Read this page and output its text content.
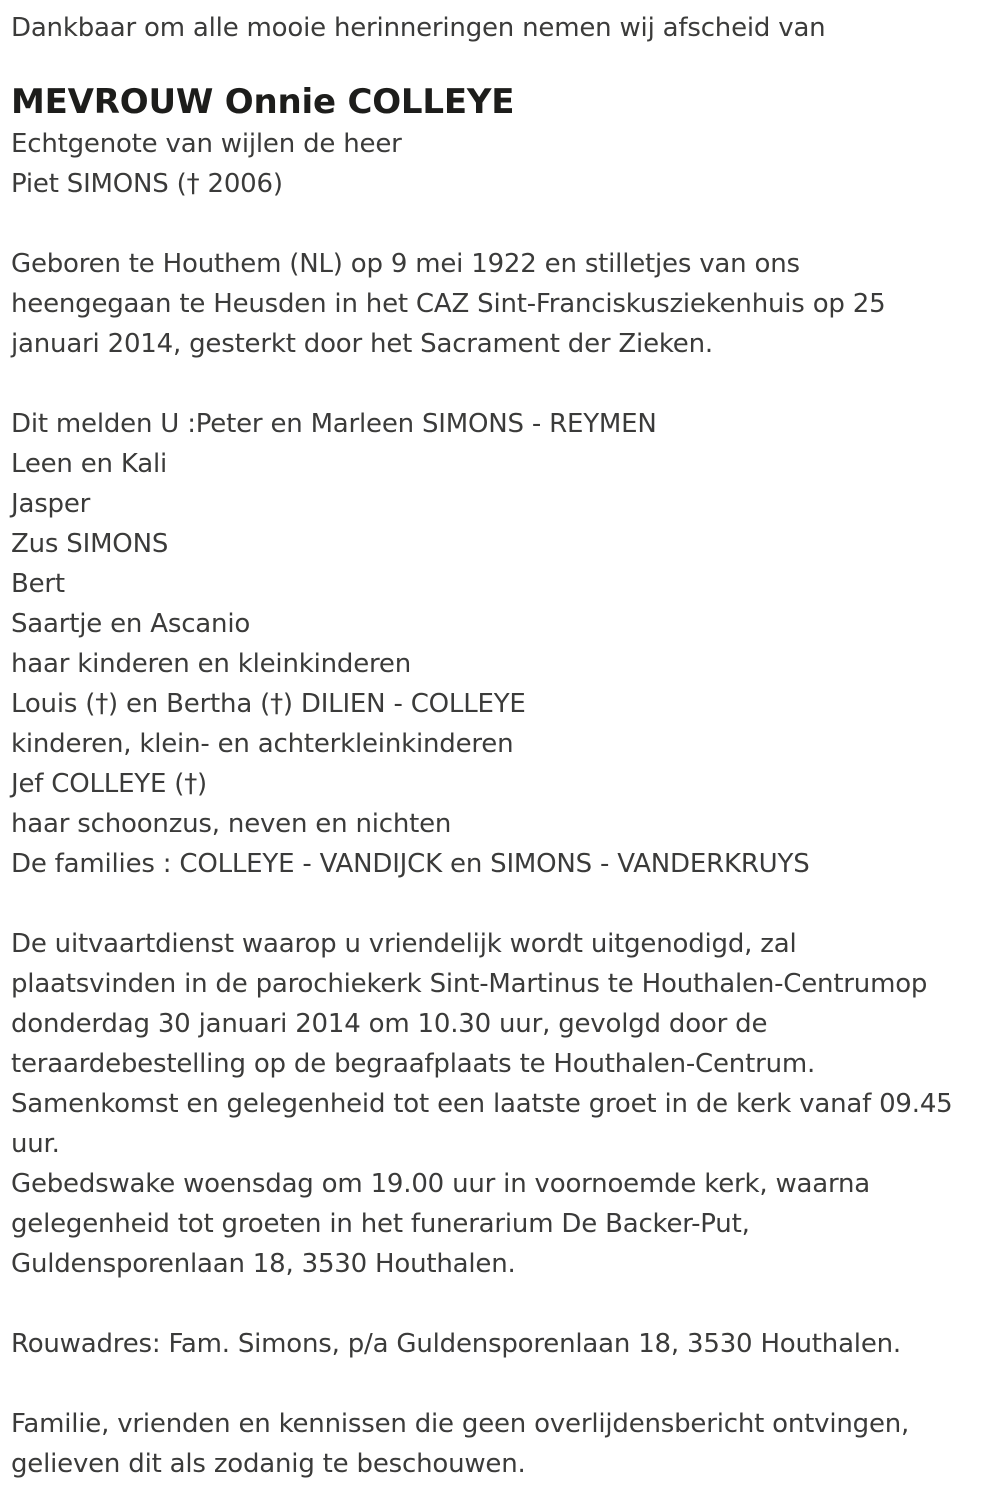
Dankbaar om alle mooie herinneringen nemen wij afscheid van
MEVROUW Onnie COLLEYE
Echtgenote van wijlen de heer
Piet SIMONS († 2006)
Geboren te Houthem (NL) op 9 mei 1922 en stilletjes van ons
heengegaan te Heusden in het CAZ Sint-Franciskusziekenhuis op 25
januari 2014, gesterkt door het Sacrament der Zieken.
Dit melden U :Peter en Marleen SIMONS - REYMEN
Leen en Kali
Jasper
Zus SIMONS
Bert
Saartje en Ascanio
haar kinderen en kleinkinderen
Louis (†) en Bertha (†) DILIEN - COLLEYE
kinderen, klein- en achterkleinkinderen
Jef COLLEYE (†)
haar schoonzus, neven en nichten
De families : COLLEYE - VANDIJCK en SIMONS - VANDERKRUYS
De uitvaartdienst waarop u vriendelijk wordt uitgenodigd, zal
plaatsvinden in de parochiekerk Sint-Martinus te Houthalen-Centrumop
donderdag 30 januari 2014 om 10.30 uur, gevolgd door de
teraardebestelling op de begraafplaats te Houthalen-Centrum.
Samenkomst en gelegenheid tot een laatste groet in de kerk vanaf 09.45
uur.
Gebedswake woensdag om 19.00 uur in voornoemde kerk, waarna
gelegenheid tot groeten in het funerarium De Backer-Put,
Guldensporenlaan 18, 3530 Houthalen.
Rouwadres: Fam. Simons, p/a Guldensporenlaan 18, 3530 Houthalen.
Familie, vrienden en kennissen die geen overlijdensbericht ontvingen,
gelieven dit als zodanig te beschouwen.
